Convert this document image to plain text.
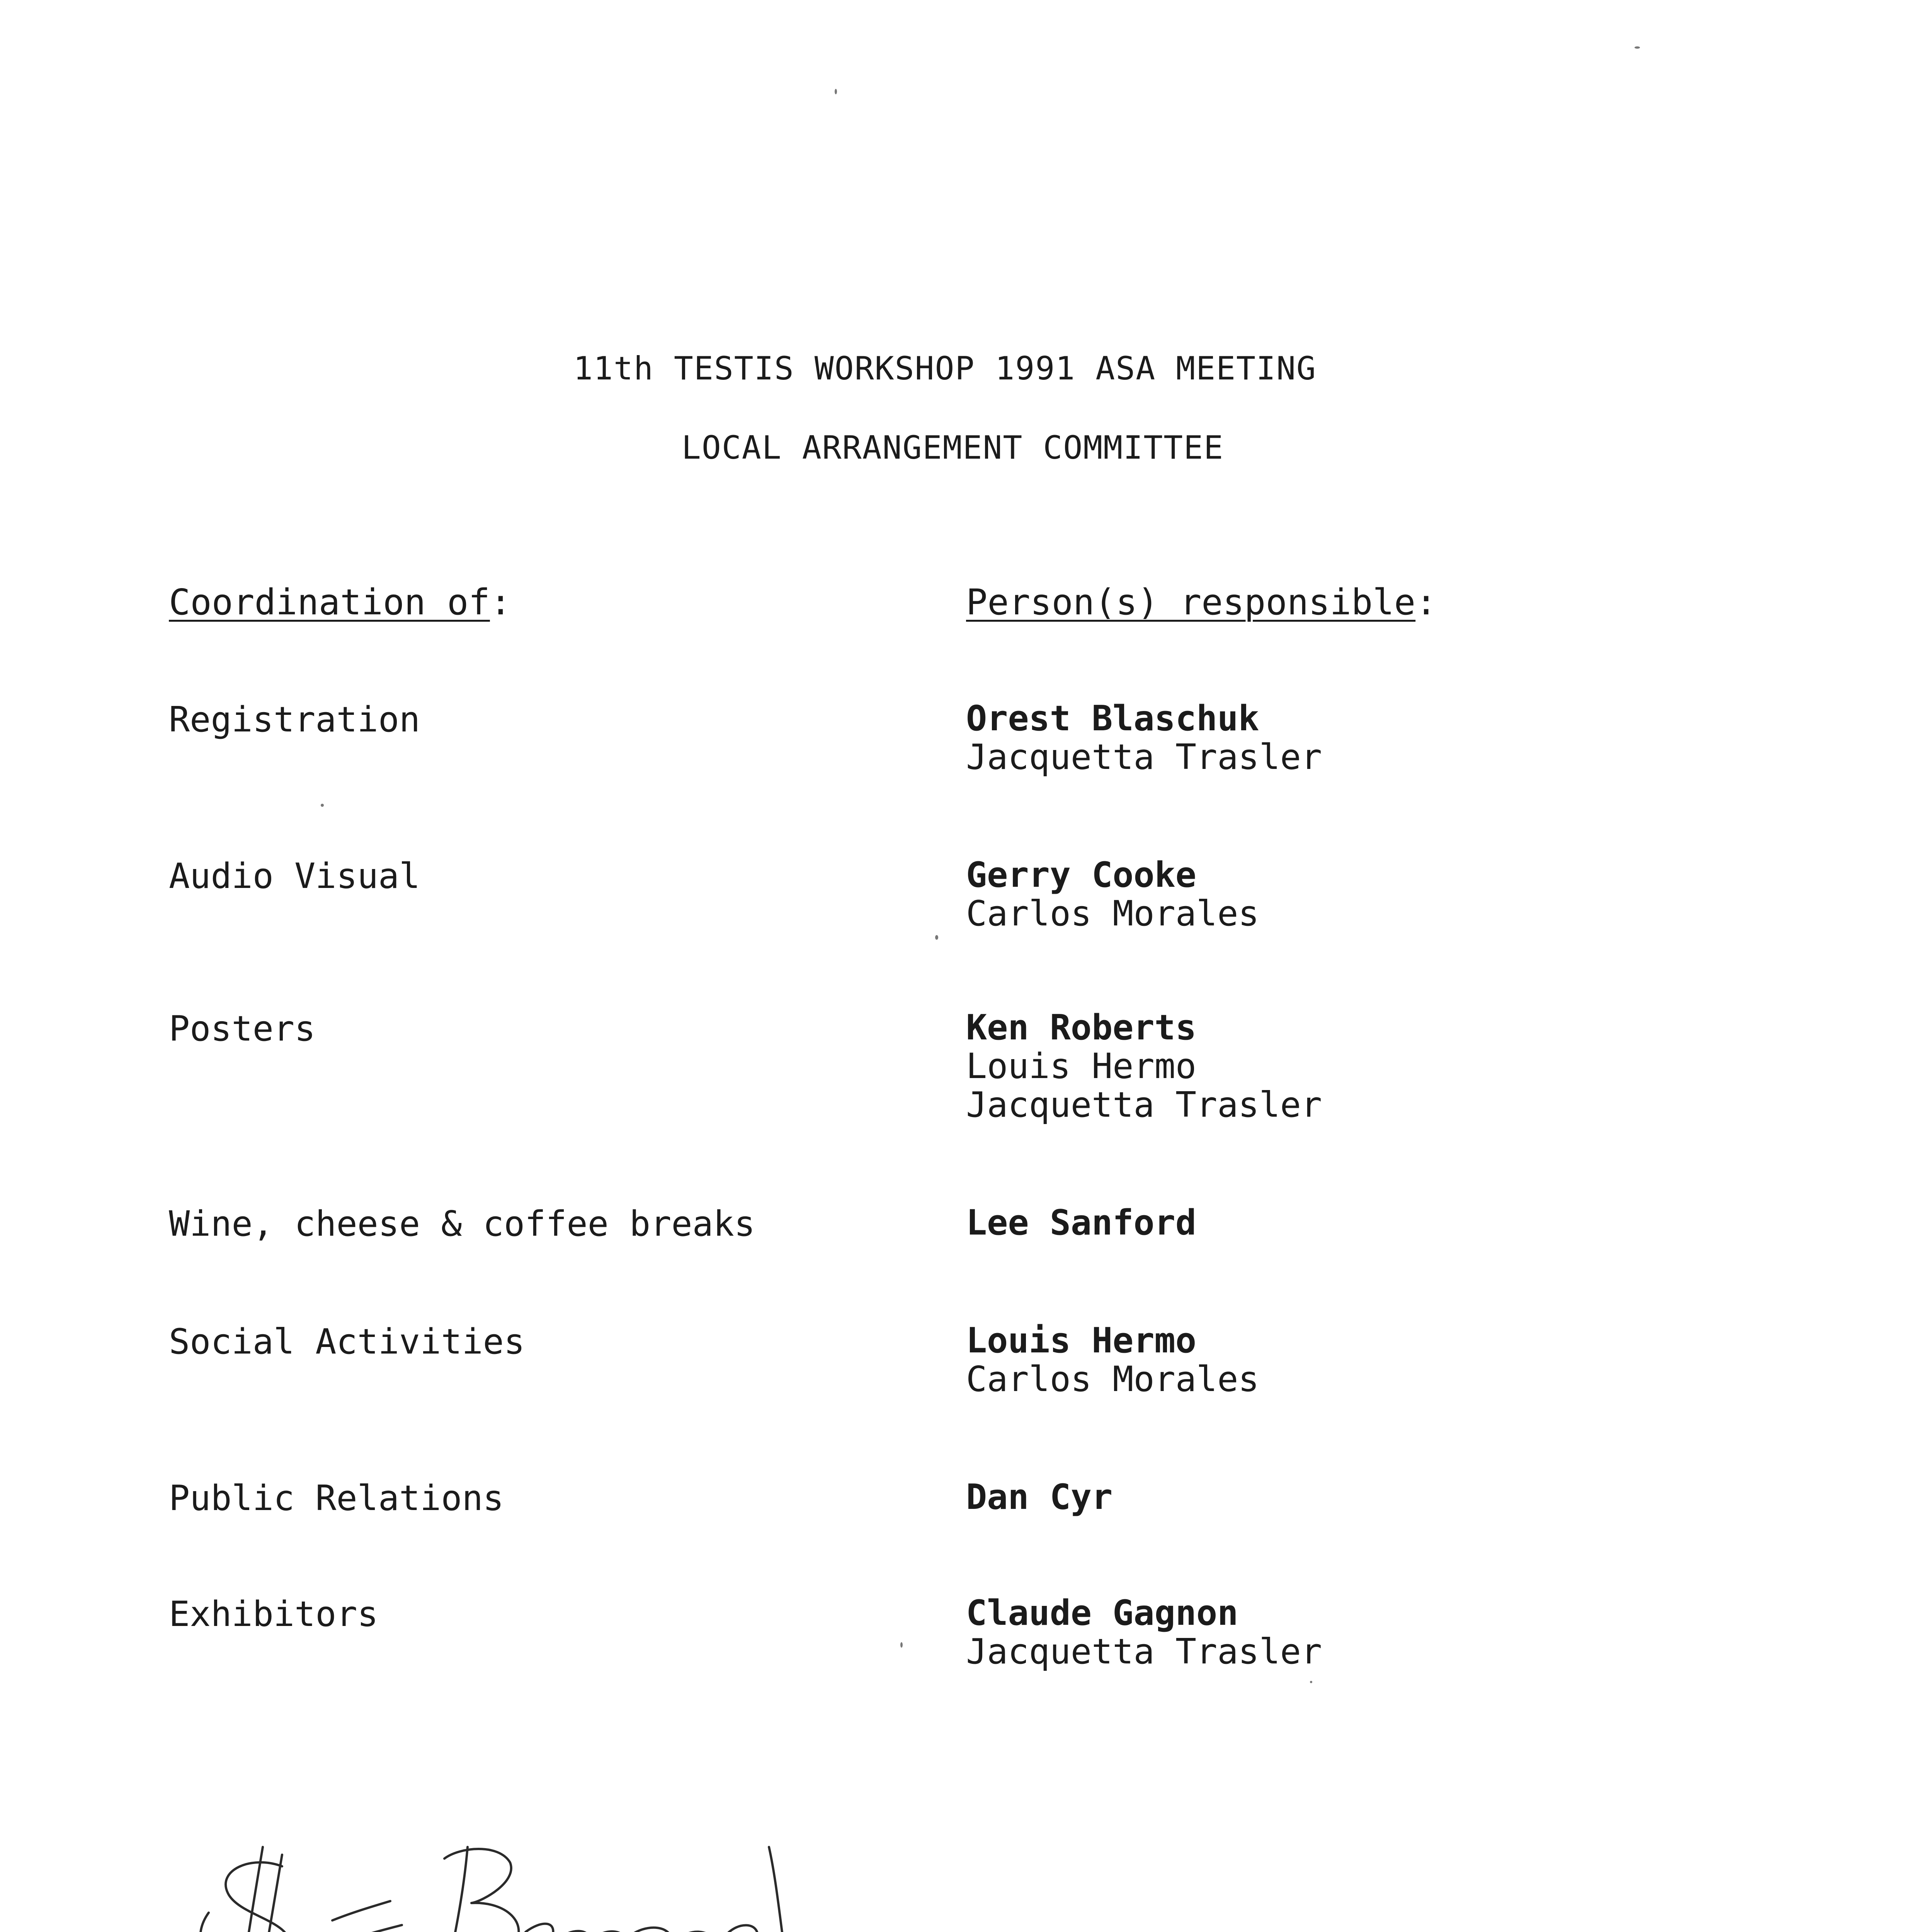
11th TESTIS WORKSHOP 1991 ASA MEETING
LOCAL ARRANGEMENT COMMITTEE
Coordination of:	Person(s) responsible:
Registration	Orest Blaschuk
Jacquetta Trasler
Audio Visual	Gerry Cooke
Carlos Morales
Posters	Ken Roberts
Louis Hermo
Jacquetta Trasler
Wine, cheese & coffee breaks	Lee Sanford
Social Activities	Louis Hermo
Carlos Morales
Public Relations	Dan Cyr
Exhibitors	Claude Gagnon
Jacquetta Trasler
